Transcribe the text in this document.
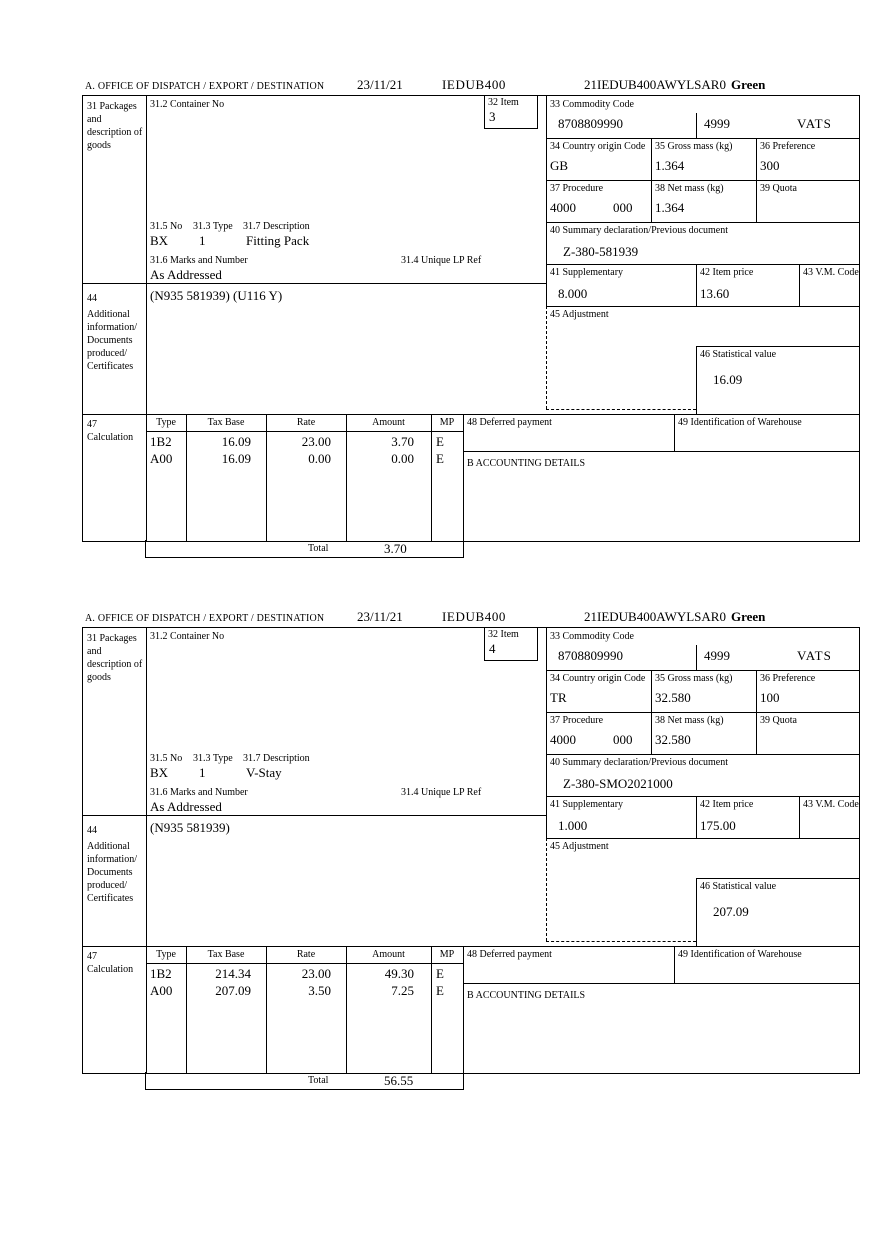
A. OFFICE OF DISPATCH / EXPORT / DESTINATION	23/11/21	IEDUB400	21IEDUB400AWYLSAR0 Green
31 Packages and description of goods
44
Additional information/ Documents produced/ Certificates
47 Calculation
31.2 Container No	32 Item
3
31.5 No 31.3 Type 31.7 Description
BX 1	Fitting Pack
31.6 Marks and Number	31.4 Unique LP Ref
As Addressed
(N935 581939) (U116 Y)
33 Commodity Code
8708809990	4999	VATS
34 Country origin Code
GB
35 Gross mass (kg)
1.364
36 Preference
300
37 Procedure
4000	000
38 Net mass (kg)
1.364
39 Quota
40 Summary declaration/Previous document
Z-380-581939
41 Supplementary
8.000
42 Item price
13.60
43 V.M. Code
45 Adjustment
46 Statistical value
16.09
Type	Tax Base	Rate	Amount	MP
1B2	16.09	23.00	3.70 E
A00	16.09	0.00	0.00 E
48 Deferred payment	49 Identification of Warehouse
B ACCOUNTING DETAILS
Total	3.70
A. OFFICE OF DISPATCH / EXPORT / DESTINATION	23/11/21	IEDUB400	21IEDUB400AWYLSAR0 Green
31 Packages and description of goods
44
Additional information/ Documents produced/ Certificates
47 Calculation
31.2 Container No	32 Item
4
31.5 No 31.3 Type 31.7 Description
BX 1	V-Stay
31.6 Marks and Number	31.4 Unique LP Ref
As Addressed
(N935 581939)
33 Commodity Code
8708809990	4999	VATS
34 Country origin Code
TR
35 Gross mass (kg)
32.580
36 Preference
100
37 Procedure
4000	000
38 Net mass (kg)
32.580
39 Quota
40 Summary declaration/Previous document
Z-380-SMO2021000
41 Supplementary
1.000
42 Item price
175.00
43 V.M. Code
45 Adjustment
46 Statistical value
207.09
Type	Tax Base	Rate	Amount	MP
1B2	214.34	23.00	49.30 E
A00	207.09	3.50	7.25 E
48 Deferred payment	49 Identification of Warehouse
B ACCOUNTING DETAILS
Total	56.55
